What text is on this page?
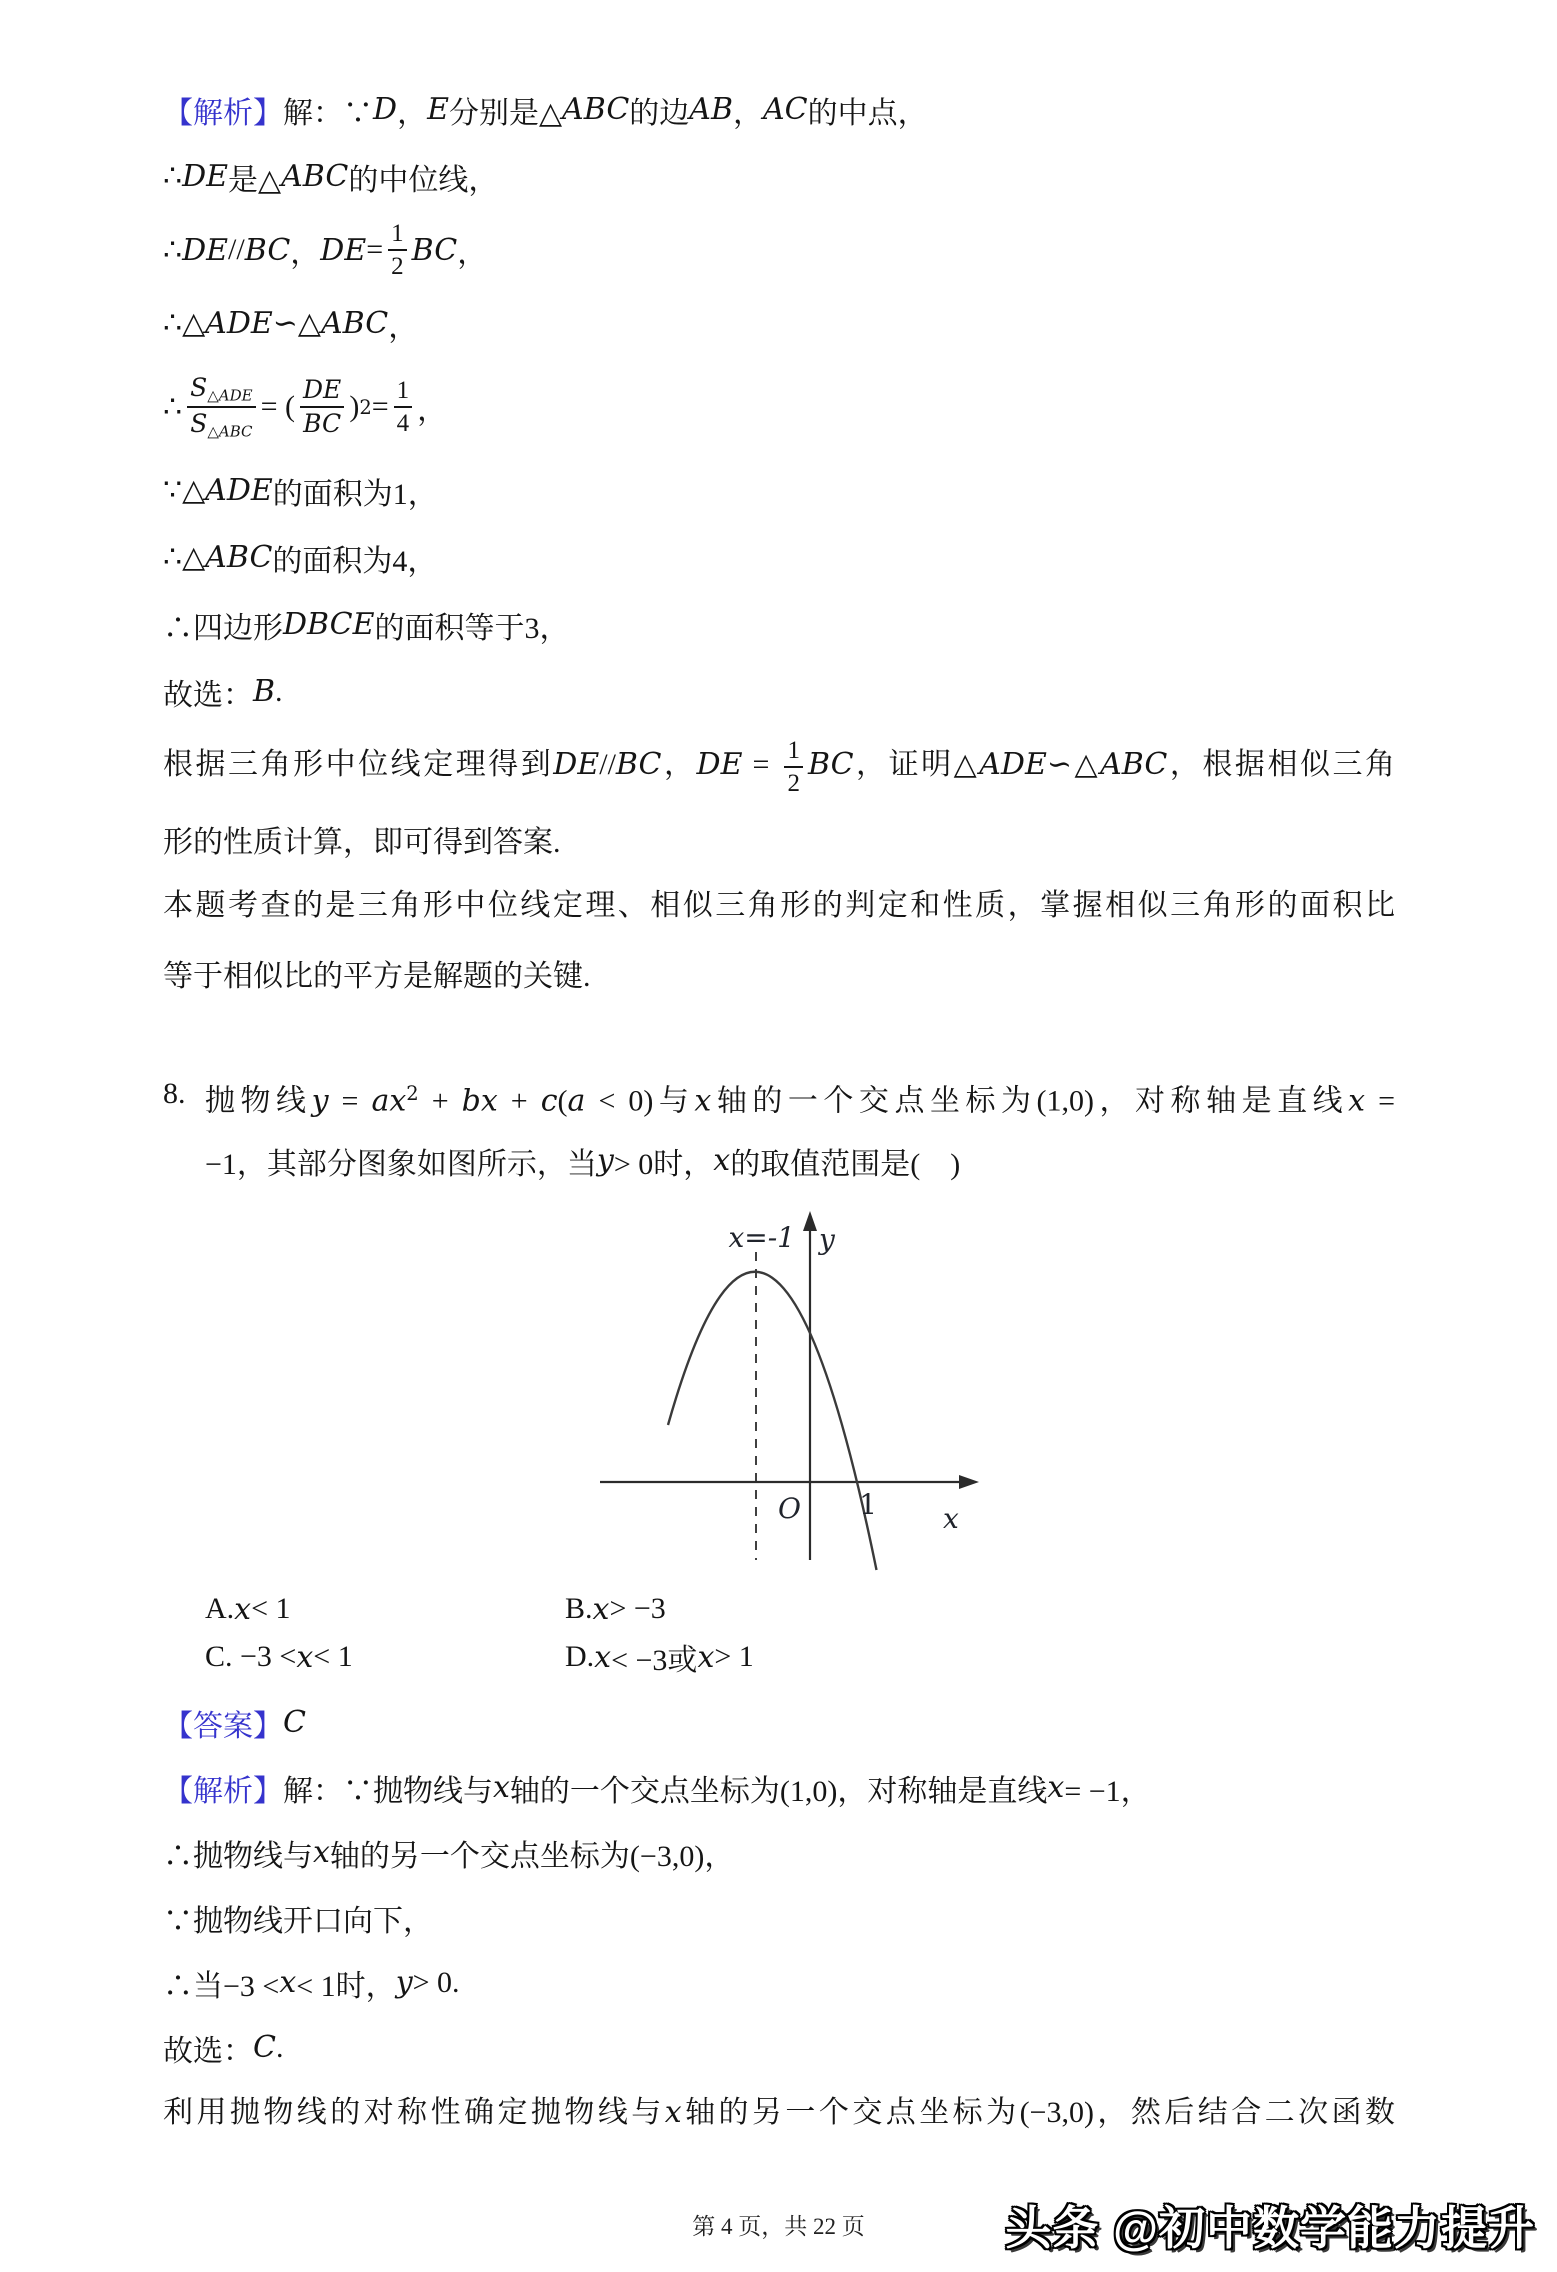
【解析】 解：∵ D ， E 分别是△ ABC 的边 AB ， AC 的中点，
∴ DE 是△ ABC 的中位线，
∴ DE // BC ， DE = $\frac{1}{2}$ BC ，
∴△ ADE ∽△ ABC ，
∴ $\frac{\text{S△ADE}}{\text{S△ABC}}$ = ( $\frac{DE}{BC}$ ) $2 = \frac{1}{4}$ ，
∵△ ADE 的面积为1，
∴△ ABC 的面积为4，
∴四边形 DBCE 的面积等于3，
故选： B .
根据三角形中位线定理得到DE//BC，DE = $\frac{1}{2}$ BC，证明△ADE∽△ABC，根据相似三角
形的性质计算，即可得到答案.
本题考查的是三角形中位线定理、相似三角形的判定和性质，掌握相似三角形的面积比
等于相似比的平方是解题的关键.
8. 抛物线$y = ax^2$ + bx + c(a < 0)与x轴的一个交点坐标为(1,0)，对称轴是直线x =
−1，其部分图象如图所示，当 y > 0时， x 的取值范围是(　)
x=-1 y
O 1 x
A. x < 1	B. x > −3
C. −3 < x < 1	D. x < −3或 x > 1
【答案】 C
【解析】 解：∵抛物线与 x 轴的一个交点坐标为(1,0)，对称轴是直线 x = −1，
∴抛物线与 x 轴的另一个交点坐标为(−3,0)，
∵抛物线开口向下，
∴当−3 < x < 1时， y > 0.
故选： C .
利用抛物线的对称性确定抛物线与x轴的另一个交点坐标为(−3,0)，然后结合二次函数
第 4 页，共 22 页	头条 @初中数学能力提升
